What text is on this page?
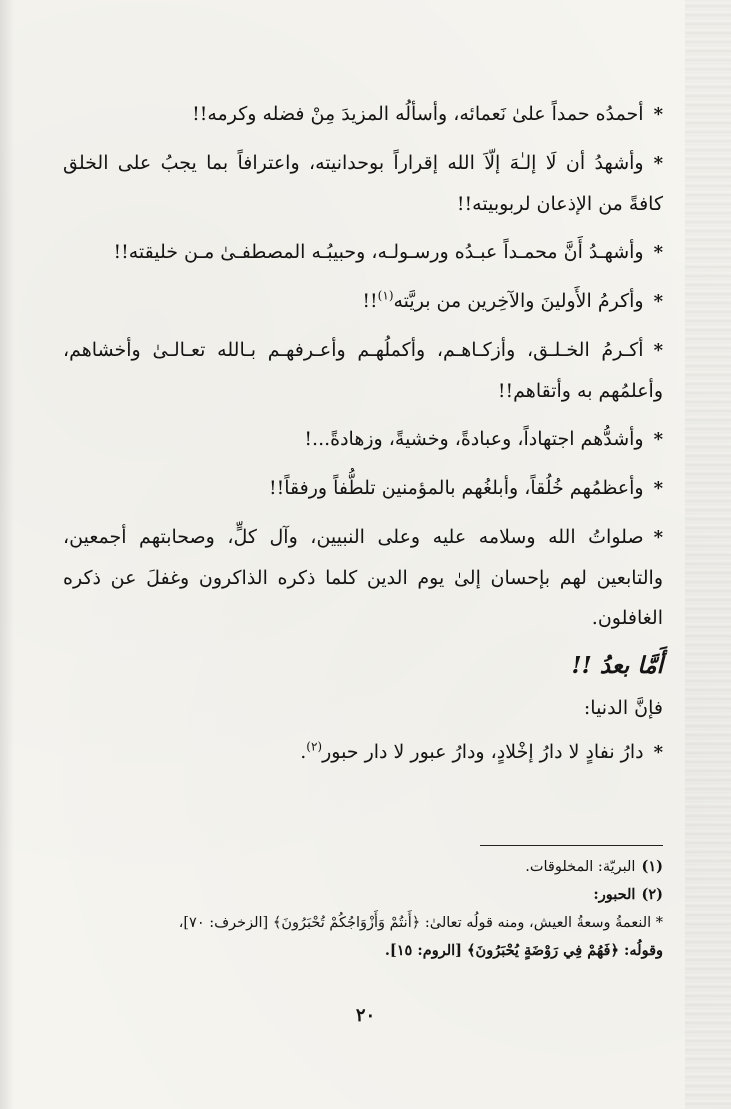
*أحمدُه حمداً علىٰ نَعمائه، وأسألُه المزيدَ مِنْ فضله وكرمه!!

*وأشهدُ أن لَا إلـٰهَ إلّاَ الله إقراراً بوحدانيته، واعترافاً بما يجبُ على الخلق كافةً من الإذعان لربوبيته!!

*وأشهـدُ أَنَّ محمـداً عبـدُه ورسـولـه، وحبيبُـه المصطفـىٰ مـن خليقته!!

*وأكرمُ الأَولينَ والآخِرين من بريَّته$^{(١)}$!!

*أكـرمُ الخـلـق، وأزكـاهـم، وأكملُهـم وأعـرفهـم بـالله تعـالـىٰ وأخشاهم، وأعلمُهم به وأتقاهم!!

*وأشدُّهم اجتهاداً، وعبادةً، وخشيةً، وزهادةً...!

*وأعظمُهم خُلُقاً، وأبلغُهم بالمؤمنين تلطُّفاً ورفقاً!!

*صلواتُ الله وسلامه عليه وعلى النبيين، وآل كلٍّ، وصحابتهم أجمعين، والتابعين لهم بإحسان إلىٰ يوم الدين كلما ذكره الذاكرون وغفلَ عن ذكره الغافلون.

أَمَّا بعدُ !!

فإنَّ الدنيا:

*دارُ نفادٍ لا دارُ إخْلادٍ، ودارُ عبور لا دار حبور$^{(٢)}$.

(١)البريّة: المخلوقات.

(٢)الحبور:

* النعمةُ وسعةُ العيش، ومنه قولُه تعالىٰ: ﴿أَنتُمْ وَأَزْوَاجُكُمْ تُحْبَرُونَ﴾ [الزخرف: ٧٠]،

وقولُه: ﴿فَهُمْ فِي رَوْضَةٍ يُحْبَرُونَ﴾ [الروم: ١٥].

٢٠
